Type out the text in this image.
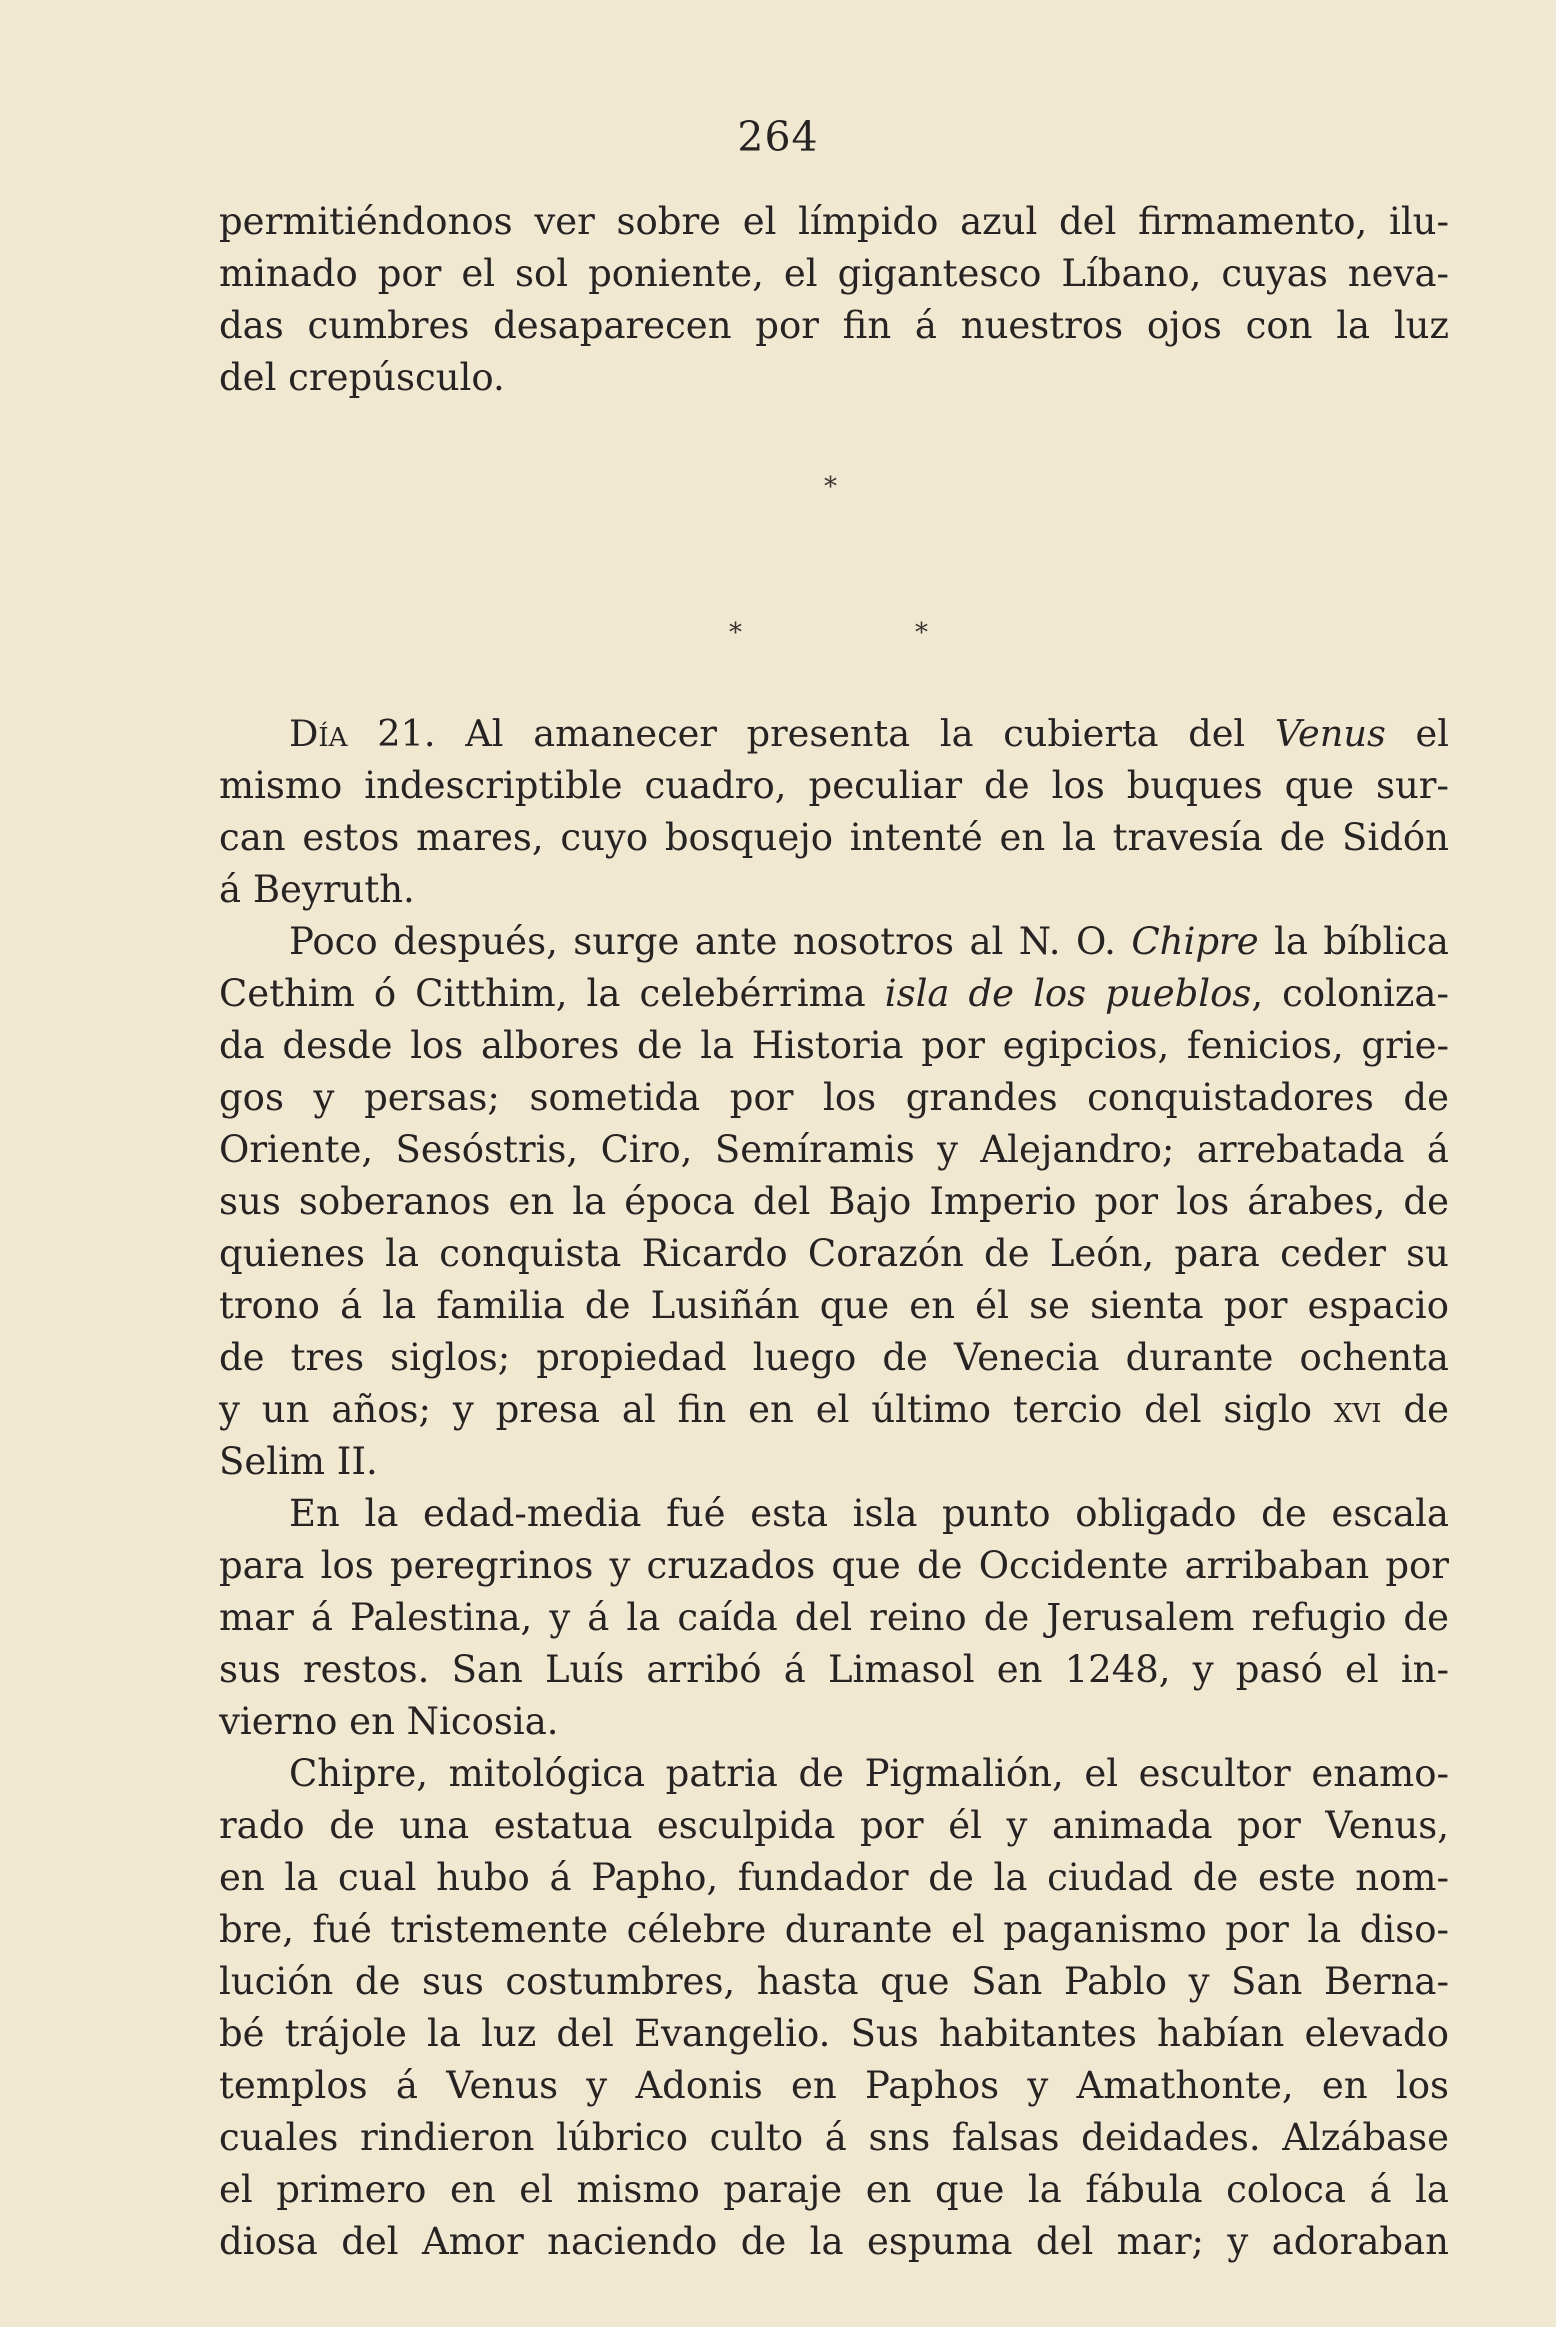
264
permitiéndonos ver sobre el límpido azul del firmamento, ilu-
minado por el sol poniente, el gigantesco Líbano, cuyas neva-
das cumbres desaparecen por fin á nuestros ojos con la luz
del crepúsculo.
*
*	*
Día 21. Al amanecer presenta la cubierta del Venus el
mismo indescriptible cuadro, peculiar de los buques que sur-
can estos mares, cuyo bosquejo intenté en la travesía de Sidón
á Beyruth.
Poco después, surge ante nosotros al N. O. Chipre la bíblica
Cethim ó Citthim, la celebérrima isla de los pueblos, coloniza-
da desde los albores de la Historia por egipcios, fenicios, grie-
gos y persas; sometida por los grandes conquistadores de
Oriente, Sesóstris, Ciro, Semíramis y Alejandro; arrebatada á
sus soberanos en la época del Bajo Imperio por los árabes, de
quienes la conquista Ricardo Corazón de León, para ceder su
trono á la familia de Lusiñán que en él se sienta por espacio
de tres siglos; propiedad luego de Venecia durante ochenta
y un años; y presa al fin en el último tercio del siglo xvi de
Selim II.
En la edad-media fué esta isla punto obligado de escala
para los peregrinos y cruzados que de Occidente arribaban por
mar á Palestina, y á la caída del reino de Jerusalem refugio de
sus restos. San Luís arribó á Limasol en 1248, y pasó el in-
vierno en Nicosia.
Chipre, mitológica patria de Pigmalión, el escultor enamo-
rado de una estatua esculpida por él y animada por Venus,
en la cual hubo á Papho, fundador de la ciudad de este nom-
bre, fué tristemente célebre durante el paganismo por la diso-
lución de sus costumbres, hasta que San Pablo y San Berna-
bé trájole la luz del Evangelio. Sus habitantes habían elevado
templos á Venus y Adonis en Paphos y Amathonte, en los
cuales rindieron lúbrico culto á sns falsas deidades. Alzábase
el primero en el mismo paraje en que la fábula coloca á la
diosa del Amor naciendo de la espuma del mar; y adoraban
